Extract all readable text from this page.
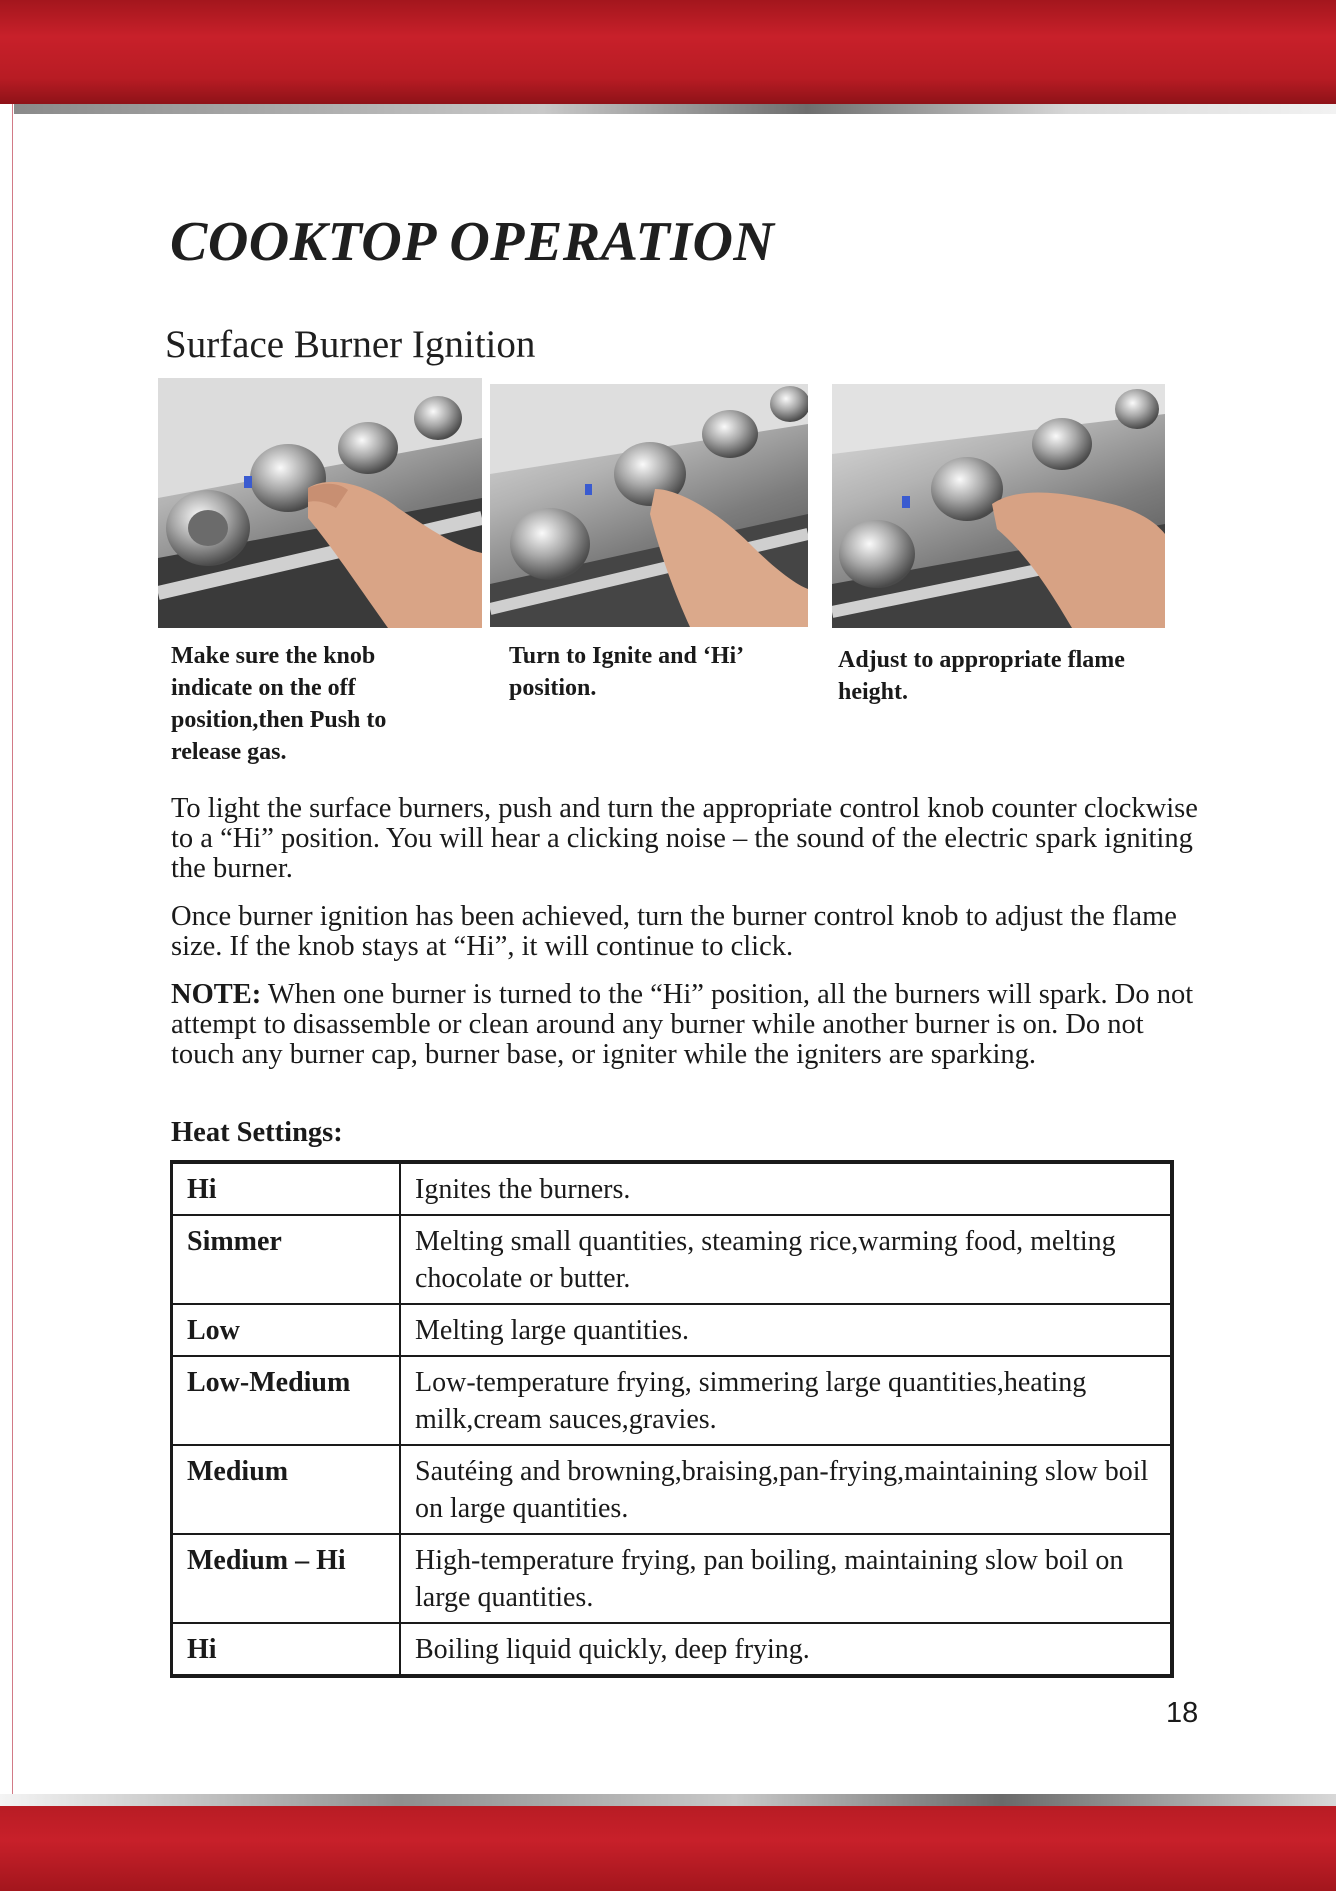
COOKTOP OPERATION
Surface Burner Ignition

Make sure the knob indicate on the off position,then Push to release gas.

Turn to Ignite and ‘Hi’ position.

Adjust to appropriate flame height.

To light the surface burners, push and turn the appropriate control knob counter clockwise to a “Hi” position. You will hear a clicking noise – the sound of the electric spark igniting the burner.

Once burner ignition has been achieved, turn the burner control knob to adjust the flame size. If the knob stays at “Hi”, it will continue to click.

NOTE: When one burner is turned to the “Hi” position, all the burners will spark. Do not attempt to disassemble or clean around any burner while another burner is on. Do not touch any burner cap, burner base, or igniter while the igniters are sparking.

Heat Settings:

Hi	Ignites the burners.
Simmer	Melting small quantities, steaming rice,warming food, melting chocolate or butter.
Low	Melting large quantities.
Low-Medium	Low-temperature frying, simmering large quantities,heating milk,cream sauces,gravies.
Medium	Sautéing and browning,braising,pan-frying,maintaining slow boil on large quantities.
Medium – Hi	High-temperature frying, pan boiling, maintaining slow boil on large quantities.
Hi	Boiling liquid quickly, deep frying.

18
